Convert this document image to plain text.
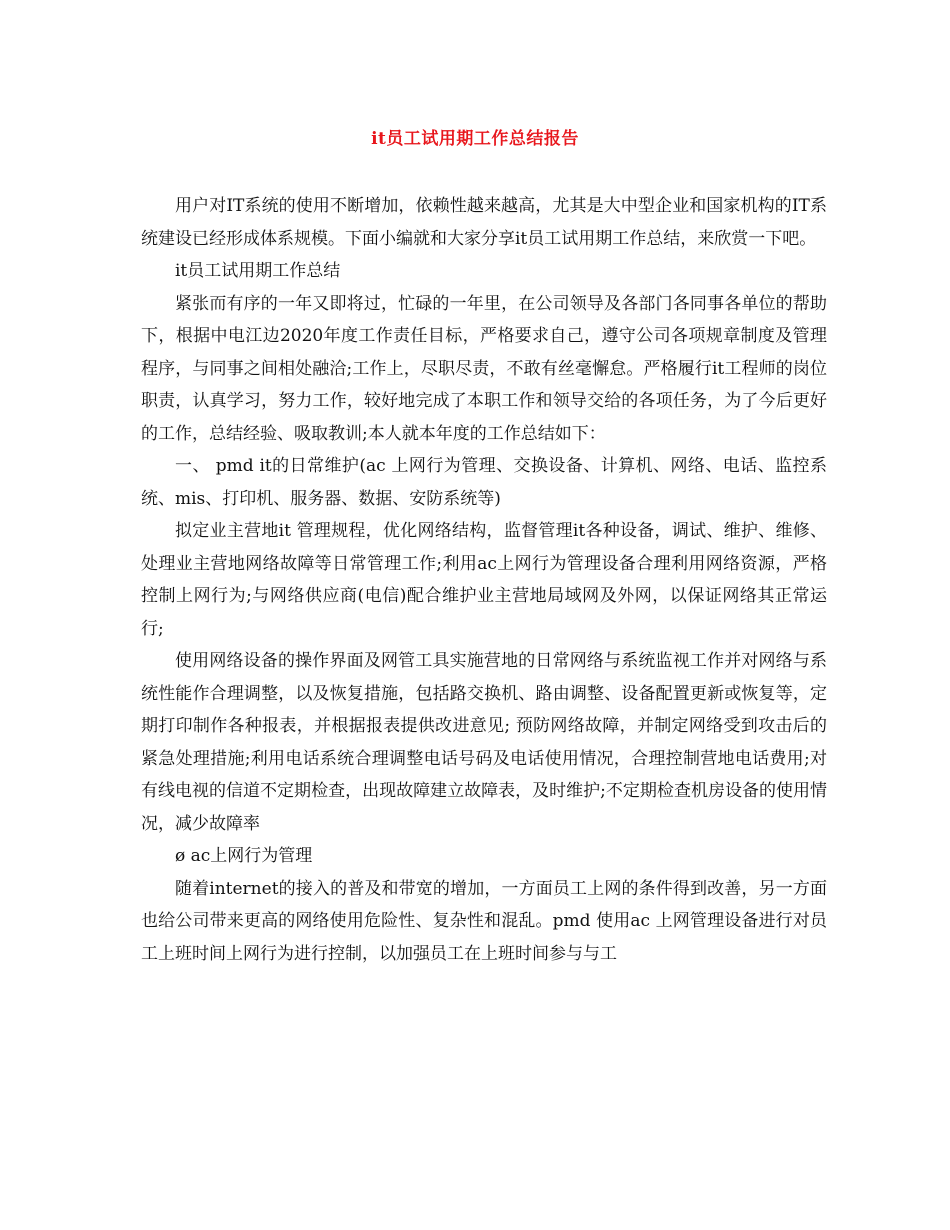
it员工试用期工作总结报告

用户对IT系统的使用不断增加，依赖性越来越高，尤其是大中型企业和国家机构的IT系统建设已经形成体系规模。下面小编就和大家分享it员工试用期工作总结，来欣赏一下吧。

it员工试用期工作总结

紧张而有序的一年又即将过，忙碌的一年里，在公司领导及各部门各同事各单位的帮助下，根据中电江边2020年度工作责任目标，严格要求自己，遵守公司各项规章制度及管理程序，与同事之间相处融洽;工作上，尽职尽责，不敢有丝毫懈怠。严格履行it工程师的岗位职责，认真学习，努力工作，较好地完成了本职工作和领导交给的各项任务，为了今后更好的工作，总结经验、吸取教训;本人就本年度的工作总结如下：

一、 pmd it的日常维护(ac 上网行为管理、交换设备、计算机、网络、电话、监控系统、mis、打印机、服务器、数据、安防系统等)

拟定业主营地it 管理规程，优化网络结构，监督管理it各种设备，调试、维护、维修、处理业主营地网络故障等日常管理工作;利用ac上网行为管理设备合理利用网络资源，严格控制上网行为;与网络供应商(电信)配合维护业主营地局域网及外网，以保证网络其正常运行;

使用网络设备的操作界面及网管工具实施营地的日常网络与系统监视工作并对网络与系统性能作合理调整，以及恢复措施，包括路交换机、路由调整、设备配置更新或恢复等，定期打印制作各种报表，并根据报表提供改进意见; 预防网络故障，并制定网络受到攻击后的紧急处理措施;利用电话系统合理调整电话号码及电话使用情况，合理控制营地电话费用;对有线电视的信道不定期检查，出现故障建立故障表，及时维护;不定期检查机房设备的使用情况，减少故障率

ø ac上网行为管理

随着internet的接入的普及和带宽的增加，一方面员工上网的条件得到改善，另一方面也给公司带来更高的网络使用危险性、复杂性和混乱。pmd 使用ac 上网管理设备进行对员工上班时间上网行为进行控制，以加强员工在上班时间参与与工
